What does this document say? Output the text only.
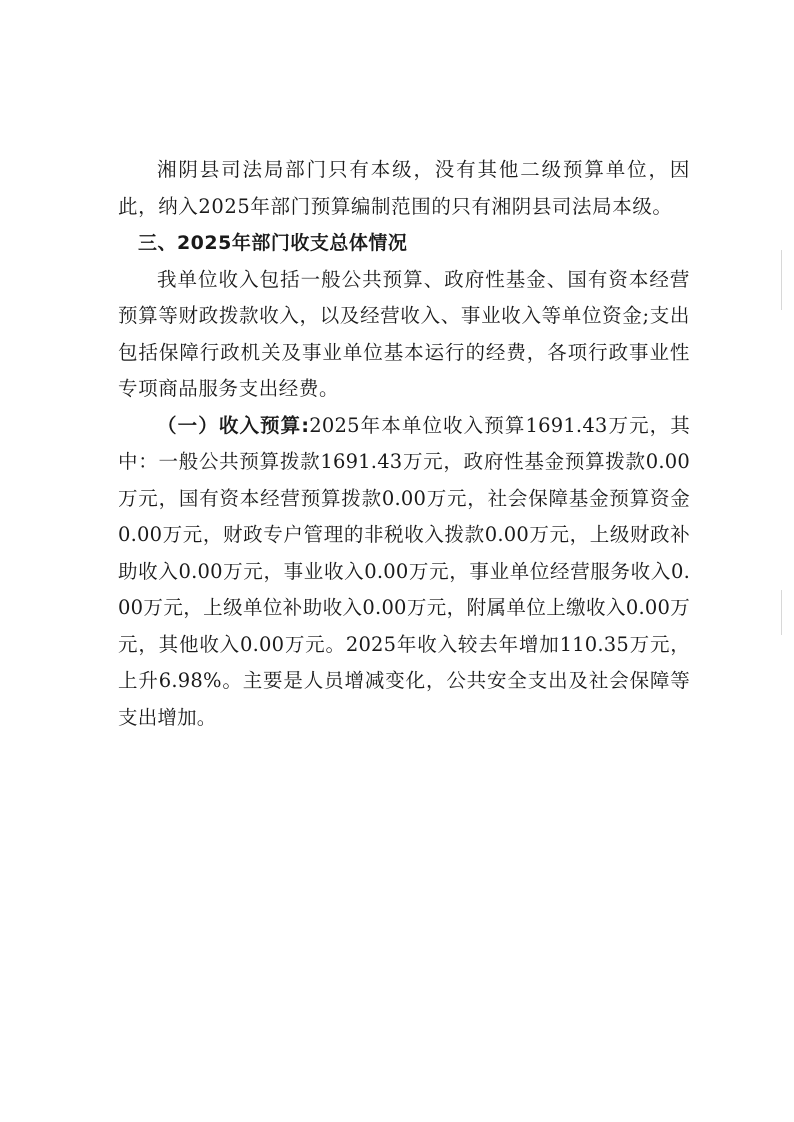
湘阴县司法局部门只有本级，没有其他二级预算单位，因此，纳入2025年部门预算编制范围的只有湘阴县司法局本级。

三、2025年部门收支总体情况

我单位收入包括一般公共预算、政府性基金、国有资本经营预算等财政拨款收入，以及经营收入、事业收入等单位资金;支出包括保障行政机关及事业单位基本运行的经费，各项行政事业性专项商品服务支出经费。

（一）收入预算:2025年本单位收入预算1691.43万元，其中：一般公共预算拨款1691.43万元，政府性基金预算拨款0.00万元，国有资本经营预算拨款0.00万元，社会保障基金预算资金0.00万元，财政专户管理的非税收入拨款0.00万元，上级财政补助收入0.00万元，事业收入0.00万元，事业单位经营服务收入0.00万元，上级单位补助收入0.00万元，附属单位上缴收入0.00万元，其他收入0.00万元。2025年收入较去年增加110.35万元，上升6.98%。主要是人员增减变化，公共安全支出及社会保障等支出增加。
